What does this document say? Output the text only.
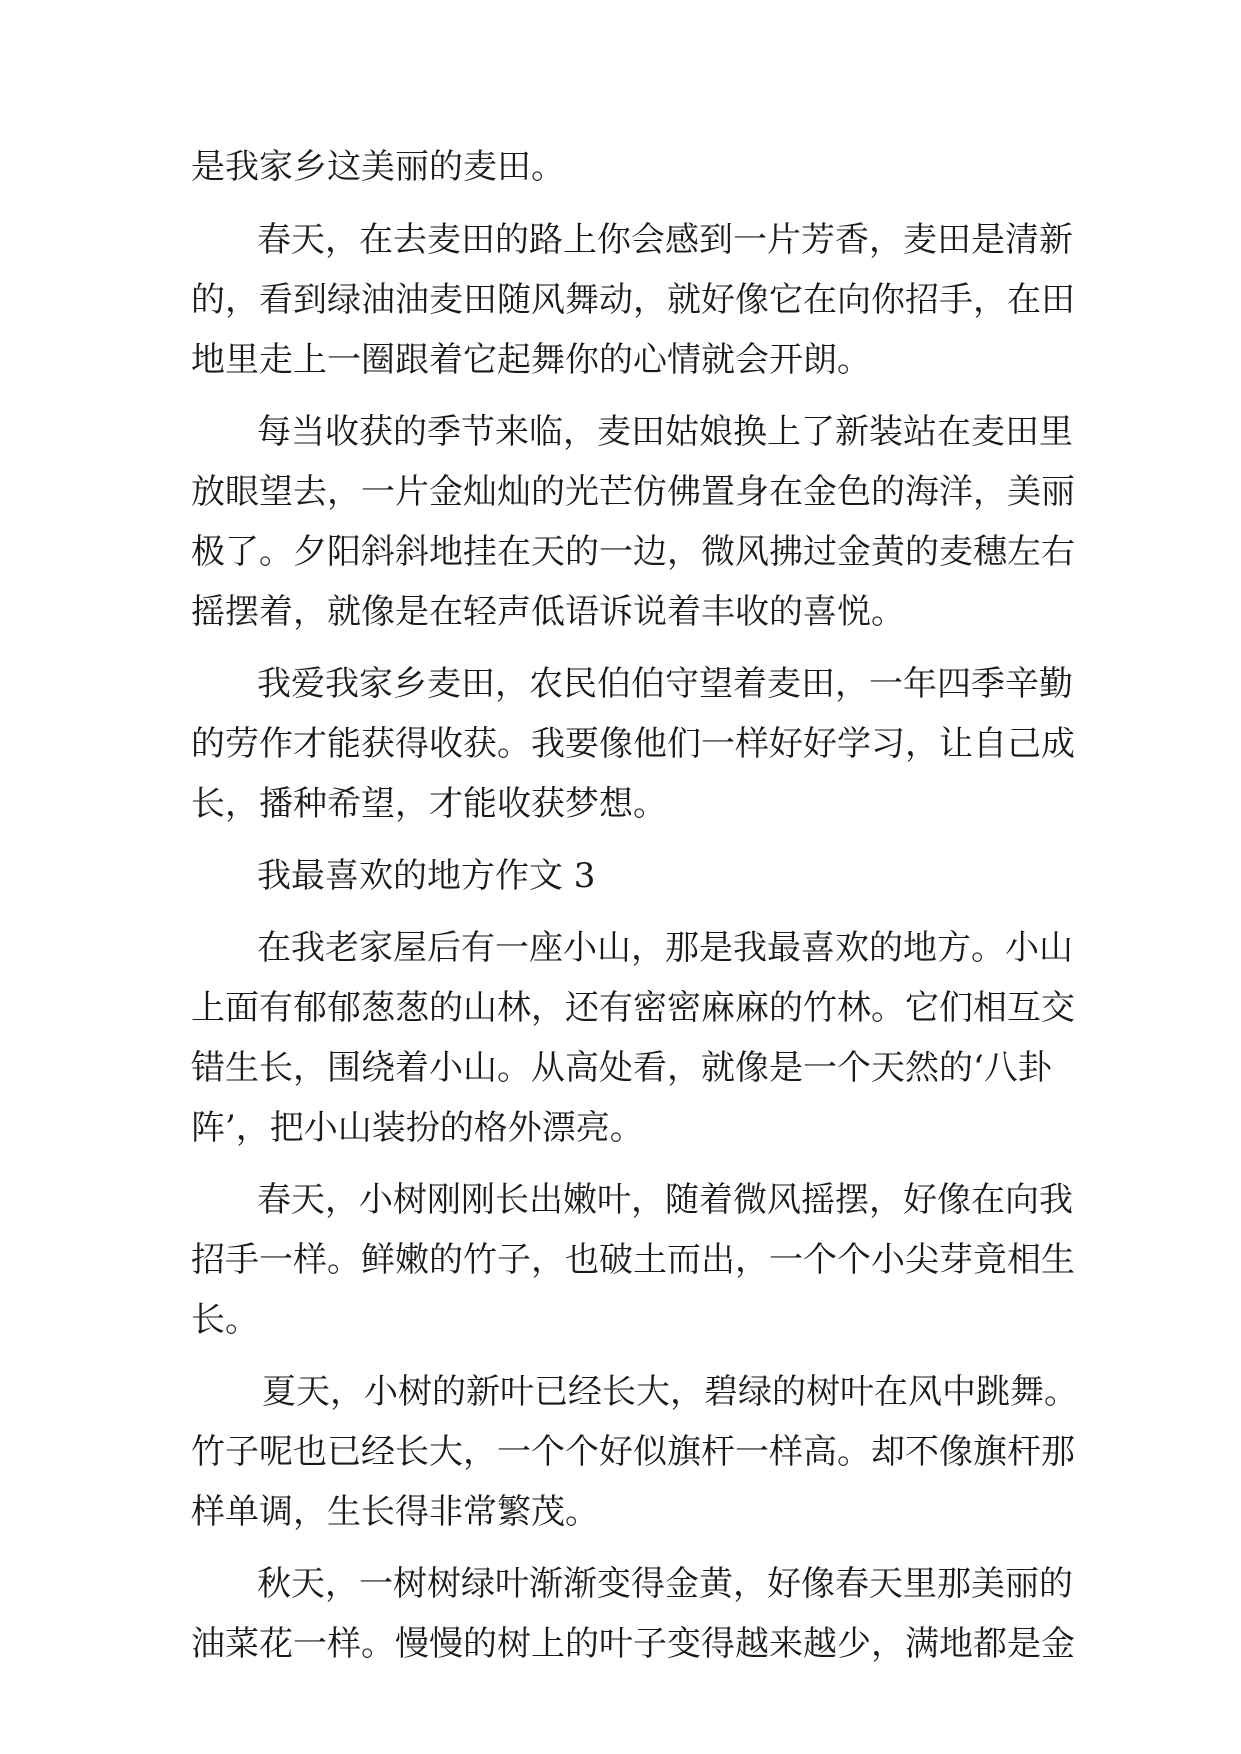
是我家乡这美丽的麦田。
春天，在去麦田的路上你会感到一片芳香，麦田是清新
的，看到绿油油麦田随风舞动，就好像它在向你招手，在田
地里走上一圈跟着它起舞你的心情就会开朗。
每当收获的季节来临，麦田姑娘换上了新装站在麦田里
放眼望去，一片金灿灿的光芒仿佛置身在金色的海洋，美丽
极了。夕阳斜斜地挂在天的一边，微风拂过金黄的麦穗左右
摇摆着，就像是在轻声低语诉说着丰收的喜悦。
我爱我家乡麦田，农民伯伯守望着麦田，一年四季辛勤
的劳作才能获得收获。我要像他们一样好好学习，让自己成
长，播种希望，才能收获梦想。
我最喜欢的地方作文 3
在我老家屋后有一座小山，那是我最喜欢的地方。小山
上面有郁郁葱葱的山林，还有密密麻麻的竹林。它们相互交
错生长，围绕着小山。从高处看，就像是一个天然的‘八卦
阵’，把小山装扮的格外漂亮。
春天，小树刚刚长出嫩叶，随着微风摇摆，好像在向我
招手一样。鲜嫩的竹子，也破土而出，一个个小尖芽竟相生
长。
夏天，小树的新叶已经长大，碧绿的树叶在风中跳舞。
竹子呢也已经长大，一个个好似旗杆一样高。却不像旗杆那
样单调，生长得非常繁茂。
秋天，一树树绿叶渐渐变得金黄，好像春天里那美丽的
油菜花一样。慢慢的树上的叶子变得越来越少，满地都是金
